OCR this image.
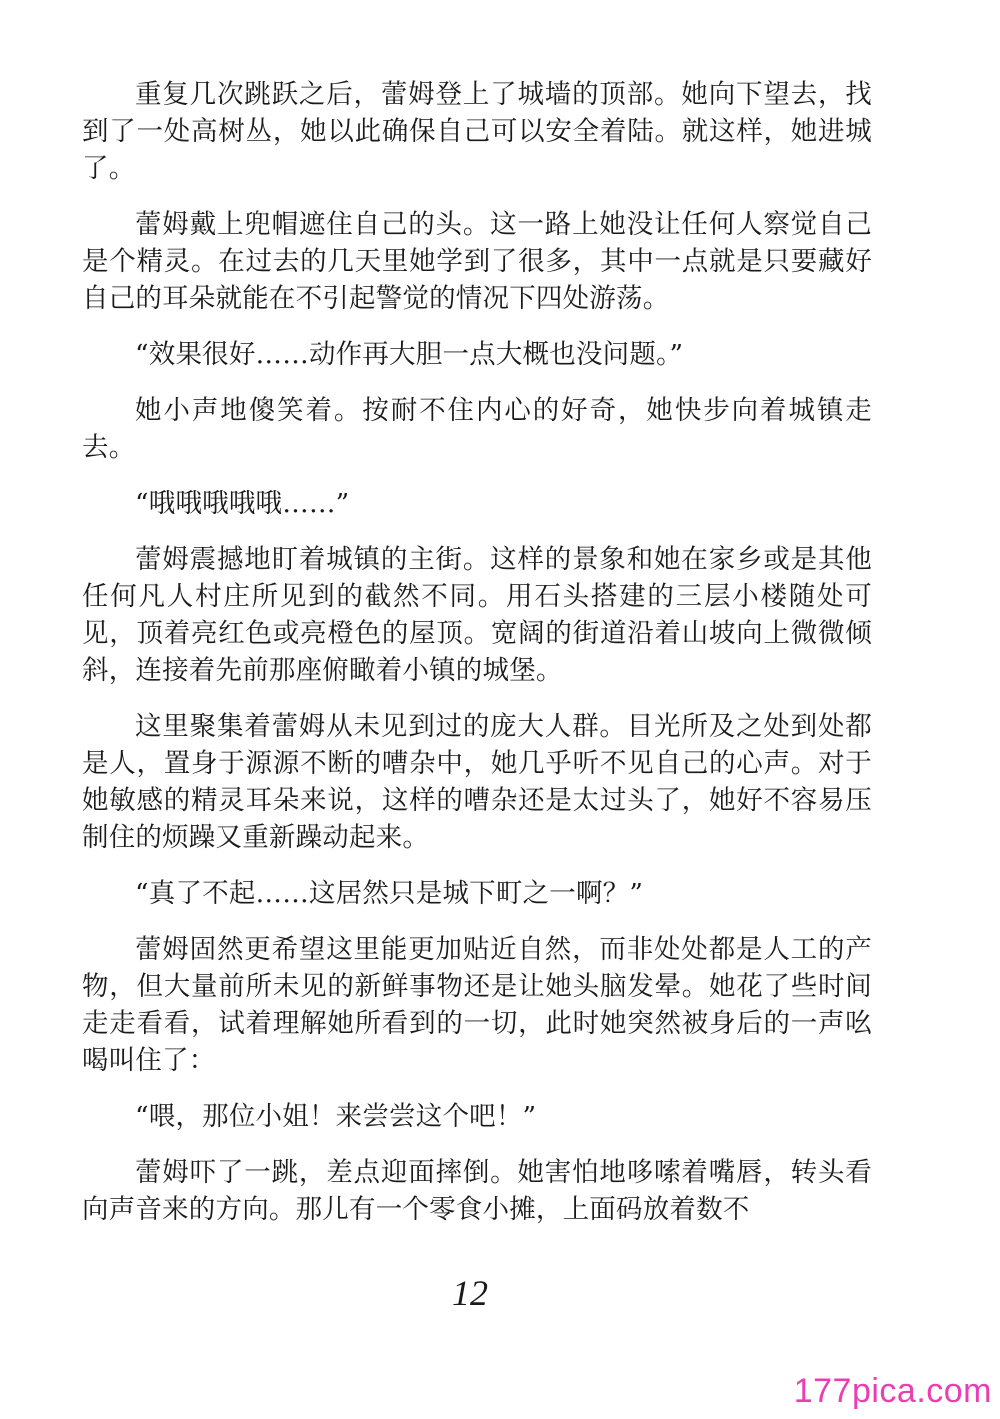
重复几次跳跃之后，蕾姆登上了城墙的顶部。她向下望去，找到了一处高树丛，她以此确保自己可以安全着陆。就这样，她进城了。

蕾姆戴上兜帽遮住自己的头。这一路上她没让任何人察觉自己是个精灵。在过去的几天里她学到了很多，其中一点就是只要藏好自己的耳朵就能在不引起警觉的情况下四处游荡。

“效果很好……动作再大胆一点大概也没问题。”

她小声地傻笑着。按耐不住内心的好奇，她快步向着城镇走去。

“哦哦哦哦哦……”

蕾姆震撼地盯着城镇的主街。这样的景象和她在家乡或是其他任何凡人村庄所见到的截然不同。用石头搭建的三层小楼随处可见，顶着亮红色或亮橙色的屋顶。宽阔的街道沿着山坡向上微微倾斜，连接着先前那座俯瞰着小镇的城堡。

这里聚集着蕾姆从未见到过的庞大人群。目光所及之处到处都是人，置身于源源不断的嘈杂中，她几乎听不见自己的心声。对于她敏感的精灵耳朵来说，这样的嘈杂还是太过头了，她好不容易压制住的烦躁又重新躁动起来。

“真了不起……这居然只是城下町之一啊？”

蕾姆固然更希望这里能更加贴近自然，而非处处都是人工的产物，但大量前所未见的新鲜事物还是让她头脑发晕。她花了些时间走走看看，试着理解她所看到的一切，此时她突然被身后的一声吆喝叫住了：

“喂，那位小姐！来尝尝这个吧！”

蕾姆吓了一跳，差点迎面摔倒。她害怕地哆嗦着嘴唇，转头看向声音来的方向。那儿有一个零食小摊，上面码放着数不

12
177pica.com
